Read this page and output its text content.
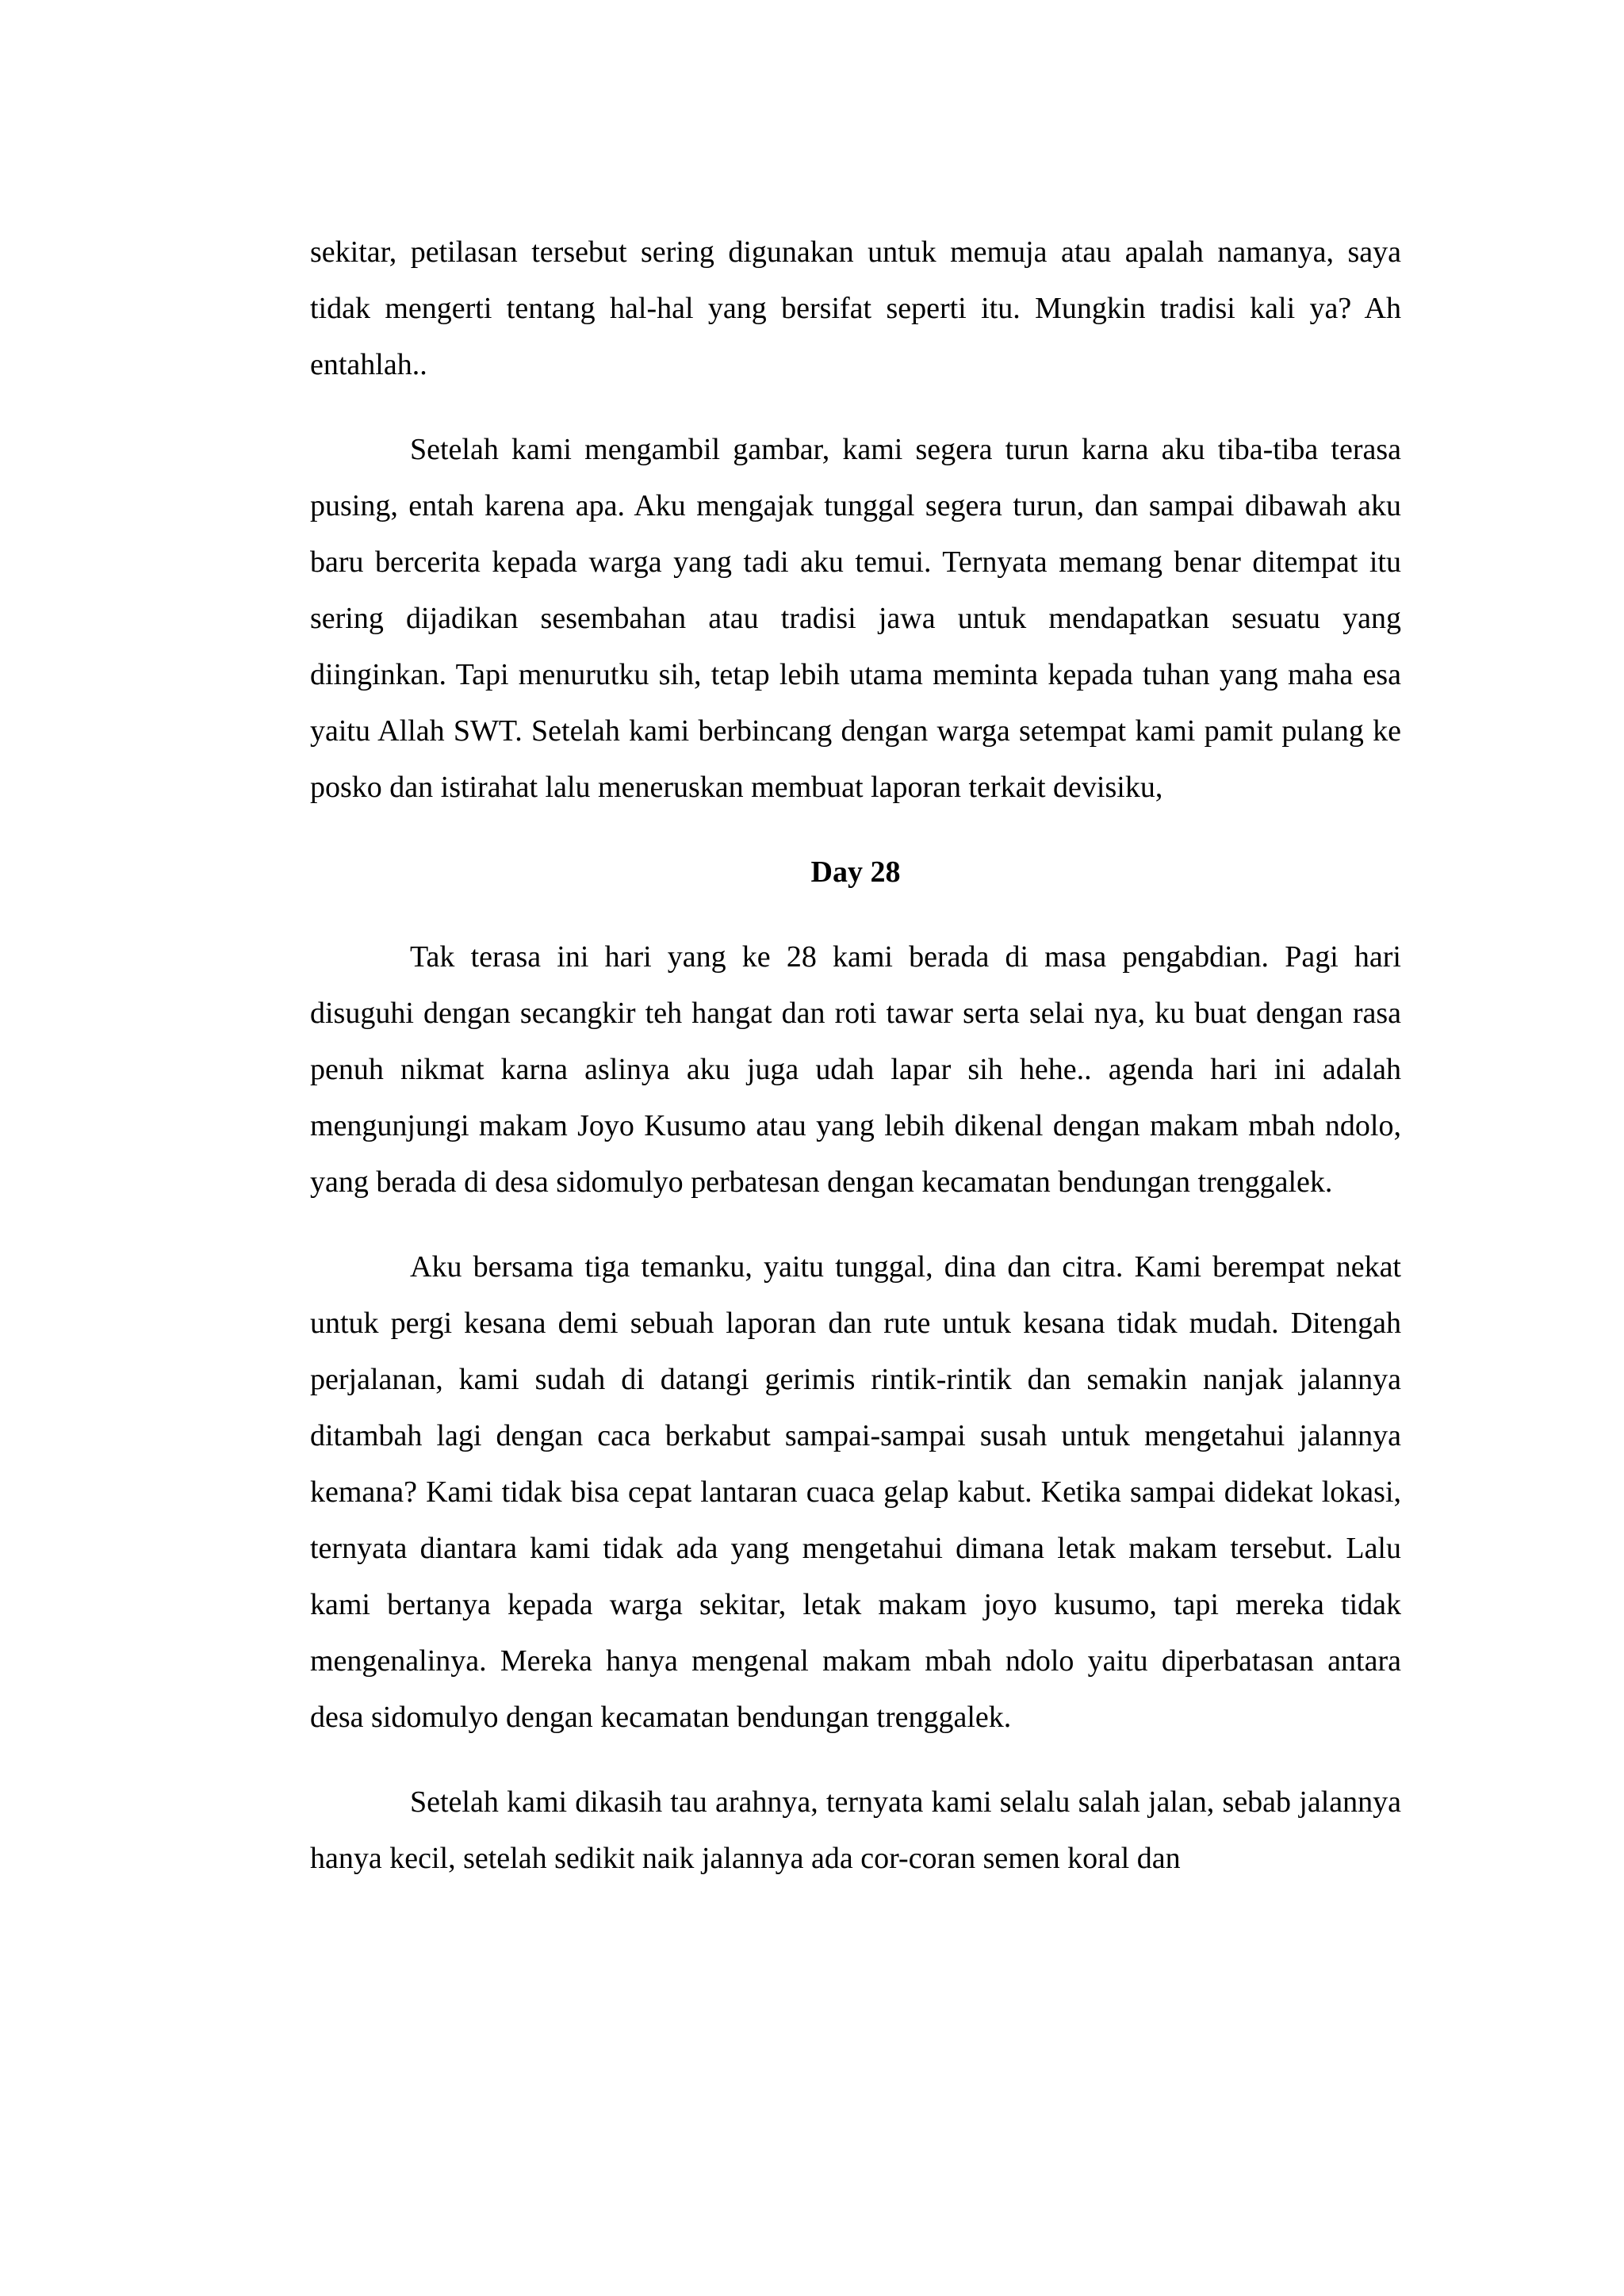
sekitar, petilasan tersebut sering digunakan untuk memuja atau apalah namanya, saya tidak mengerti tentang hal-hal yang bersifat seperti itu. Mungkin tradisi kali ya? Ah entahlah..

Setelah kami mengambil gambar, kami segera turun karna aku tiba-tiba terasa pusing, entah karena apa. Aku mengajak tunggal segera turun, dan sampai dibawah aku baru bercerita kepada warga yang tadi aku temui. Ternyata memang benar ditempat itu sering dijadikan sesembahan atau tradisi jawa untuk mendapatkan sesuatu yang diinginkan. Tapi menurutku sih, tetap lebih utama meminta kepada tuhan yang maha esa yaitu Allah SWT. Setelah kami berbincang dengan warga setempat kami pamit pulang ke posko dan istirahat lalu meneruskan membuat laporan terkait devisiku,

Day 28

Tak terasa ini hari yang ke 28 kami berada di masa pengabdian. Pagi hari disuguhi dengan secangkir teh hangat dan roti tawar serta selai nya, ku buat dengan rasa penuh nikmat karna aslinya aku juga udah lapar sih hehe.. agenda hari ini adalah mengunjungi makam Joyo Kusumo atau yang lebih dikenal dengan makam mbah ndolo, yang berada di desa sidomulyo perbatesan dengan kecamatan bendungan trenggalek.

Aku bersama tiga temanku, yaitu tunggal, dina dan citra. Kami berempat nekat untuk pergi kesana demi sebuah laporan dan rute untuk kesana tidak mudah. Ditengah perjalanan, kami sudah di datangi gerimis rintik-rintik dan semakin nanjak jalannya ditambah lagi dengan caca berkabut sampai-sampai susah untuk mengetahui jalannya kemana? Kami tidak bisa cepat lantaran cuaca gelap kabut. Ketika sampai didekat lokasi, ternyata diantara kami tidak ada yang mengetahui dimana letak makam tersebut. Lalu kami bertanya kepada warga sekitar, letak makam joyo kusumo, tapi mereka tidak mengenalinya. Mereka hanya mengenal makam mbah ndolo yaitu diperbatasan antara desa sidomulyo dengan kecamatan bendungan trenggalek.

Setelah kami dikasih tau arahnya, ternyata kami selalu salah jalan, sebab jalannya hanya kecil, setelah sedikit naik jalannya ada cor-coran semen koral dan
